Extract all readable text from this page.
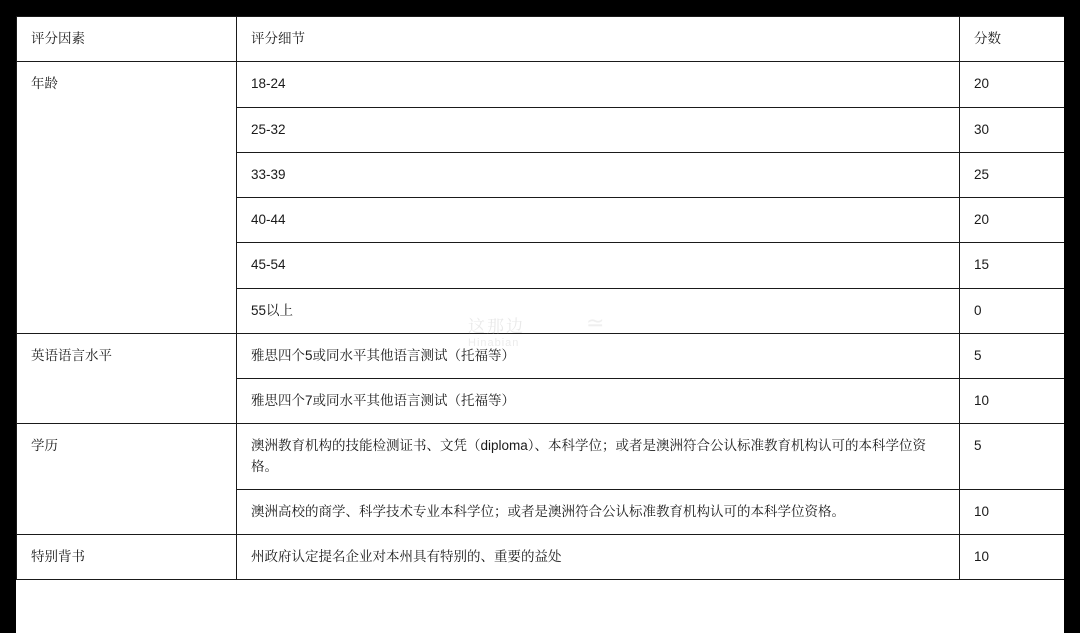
评分因素	评分细节	分数
年龄	18-24	20
	25-32	30
	33-39	25
	40-44	20
	45-54	15
	55以上	0
英语语言水平	雅思四个5或同水平其他语言测试（托福等）	5
	雅思四个7或同水平其他语言测试（托福等）	10
学历	澳洲教育机构的技能检测证书、文凭（diploma）、本科学位；或者是澳洲符合公认标准教育机构认可的本科学位资格。	5
	澳洲高校的商学、科学技术专业本科学位；或者是澳洲符合公认标准教育机构认可的本科学位资格。	10
特别背书	州政府认定提名企业对本州具有特别的、重要的益处	10
这那边
Hinabian
≃
